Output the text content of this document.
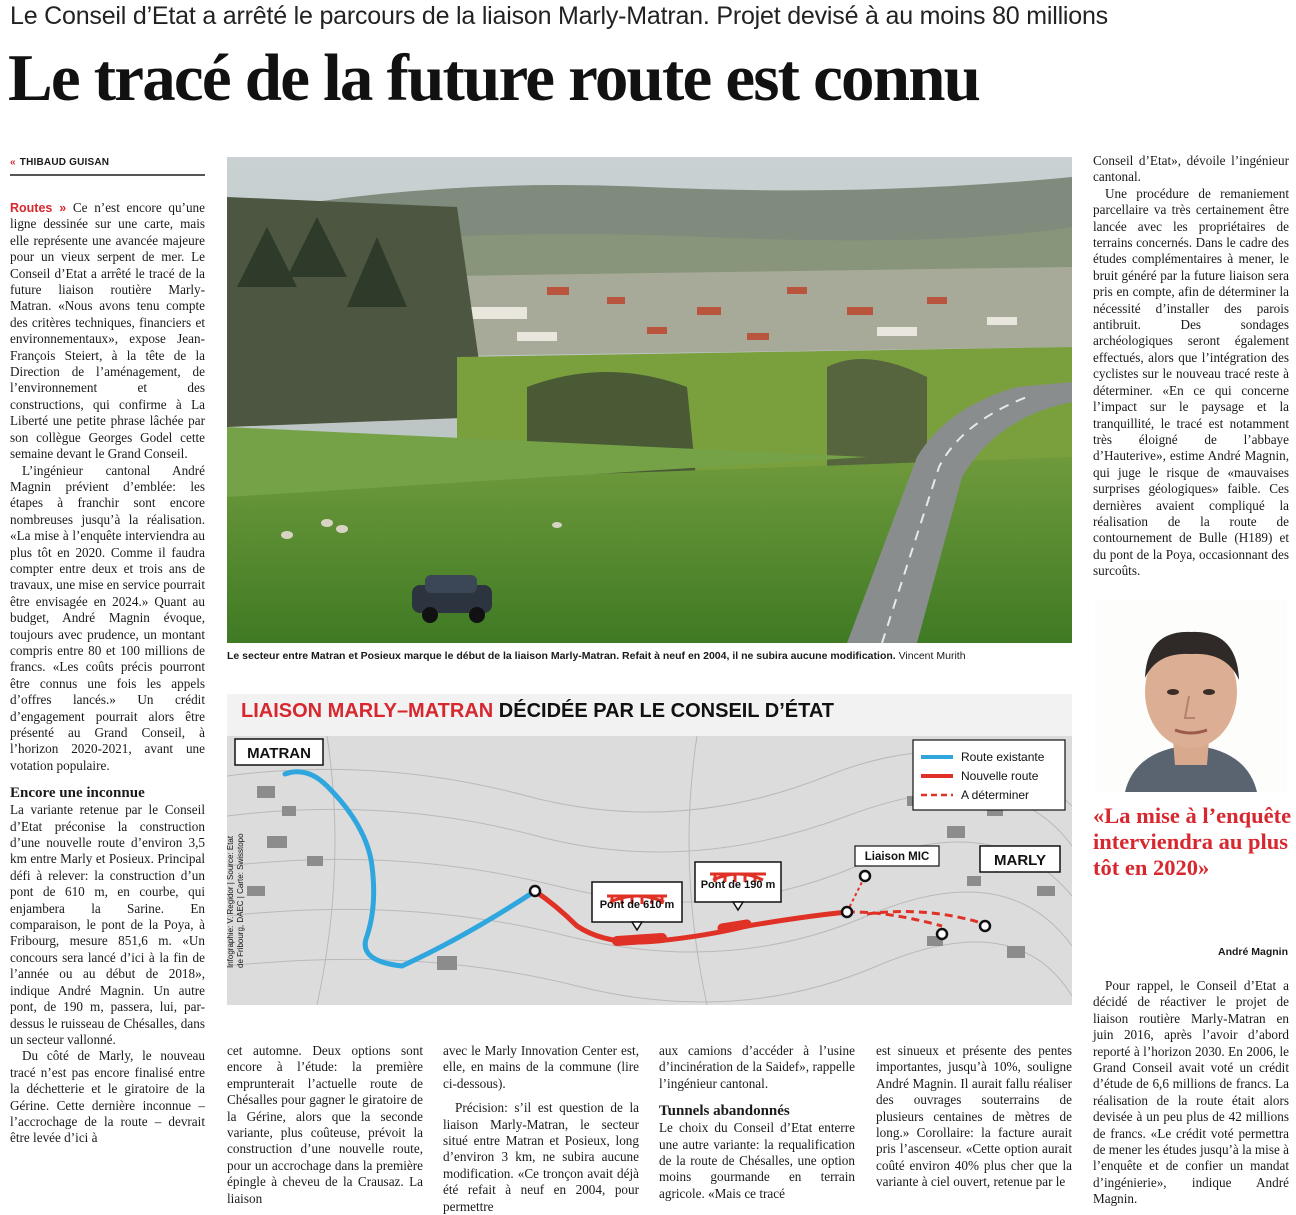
Le Conseil d’Etat a arrêté le parcours de la liaison Marly-Matran. Projet devisé à au moins 80 millions
Le tracé de la future route est connu
« THIBAUD GUISAN

Routes » Ce n’est encore qu’une ligne dessinée sur une carte, mais elle représente une avancée majeure pour un vieux serpent de mer. Le Conseil d’Etat a arrêté le tracé de la future liaison routière Marly-Matran. «Nous avons tenu compte des critères techniques, financiers et environnementaux», expose Jean-François Steiert, à la tête de la Direction de l’aménagement, de l’environnement et des constructions, qui confirme à La Liberté une petite phrase lâchée par son collègue Georges Godel cette semaine devant le Grand Conseil.

L’ingénieur cantonal André Magnin prévient d’emblée: les étapes à franchir sont encore nombreuses jusqu’à la réalisation. «La mise à l’enquête interviendra au plus tôt en 2020. Comme il faudra compter entre deux et trois ans de travaux, une mise en service pourrait être envisagée en 2024.» Quant au budget, André Magnin évoque, toujours avec prudence, un montant compris entre 80 et 100 millions de francs. «Les coûts précis pourront être connus une fois les appels d’offres lancés.» Un crédit d’engagement pourrait alors être présenté au Grand Conseil, à l’horizon 2020-2021, avant une votation populaire.

Encore une inconnue

La variante retenue par le Conseil d’Etat préconise la construction d’une nouvelle route d’environ 3,5 km entre Marly et Posieux. Principal défi à relever: la construction d’un pont de 610 m, en courbe, qui enjambera la Sarine. En comparaison, le pont de la Poya, à Fribourg, mesure 851,6 m. «Un concours sera lancé d’ici à la fin de l’année ou au début de 2018», indique André Magnin. Un autre pont, de 190 m, passera, lui, par-dessus le ruisseau de Chésalles, dans un secteur vallonné.

Du côté de Marly, le nouveau tracé n’est pas encore finalisé entre la déchetterie et le giratoire de la Gérine. Cette dernière inconnue – l’accrochage de la route – devrait être levée d’ici à

Le secteur entre Matran et Posieux marque le début de la liaison Marly-Matran. Refait à neuf en 2004, il ne subira aucune modification. Vincent Murith
LIAISON MARLY–MATRAN DÉCIDÉE PAR LE CONSEIL D’ÉTAT
MATRAN
MARLY
Liaison MIC
Pont de 610 m
Pont de 190 m
Route existante
Nouvelle route
A déterminer
Infographie: V. Regidor | Source: Etat de Fribourg, DAEC | Carte: Swisstopo

cet automne. Deux options sont encore à l’étude: la première emprunterait l’actuelle route de Chésalles pour gagner le giratoire de la Gérine, alors que la seconde variante, plus coûteuse, prévoit la construction d’une nouvelle route, pour un accrochage dans la première épingle à cheveu de la Crausaz. La liaison

avec le Marly Innovation Center est, elle, en mains de la commune (lire ci-dessous).

Précision: s’il est question de la liaison Marly-Matran, le secteur situé entre Matran et Posieux, long d’environ 3 km, ne subira aucune modification. «Ce tronçon avait déjà été refait à neuf en 2004, pour permettre

aux camions d’accéder à l’usine d’incinération de la Saidef», rappelle l’ingénieur cantonal.

Tunnels abandonnés

Le choix du Conseil d’Etat enterre une autre variante: la requalification de la route de Chésalles, une option moins gourmande en terrain agricole. «Mais ce tracé

est sinueux et présente des pentes importantes, jusqu’à 10%, souligne André Magnin. Il aurait fallu réaliser des ouvrages souterrains de plusieurs centaines de mètres de long.» Corollaire: la facture aurait pris l’ascenseur. «Cette option aurait coûté environ 40% plus cher que la variante à ciel ouvert, retenue par le

Conseil d’Etat», dévoile l’ingénieur cantonal.

Une procédure de remaniement parcellaire va très certainement être lancée avec les propriétaires de terrains concernés. Dans le cadre des études complémentaires à mener, le bruit généré par la future liaison sera pris en compte, afin de déterminer la nécessité d’installer des parois antibruit. Des sondages archéologiques seront également effectués, alors que l’intégration des cyclistes sur le nouveau tracé reste à déterminer. «En ce qui concerne l’impact sur le paysage et la tranquillité, le tracé est notamment très éloigné de l’abbaye d’Hauterive», estime André Magnin, qui juge le risque de «mauvaises surprises géologiques» faible. Ces dernières avaient compliqué la réalisation de la route de contournement de Bulle (H189) et du pont de la Poya, occasionnant des surcoûts.

«La mise à l’enquête interviendra au plus tôt en 2020»
André Magnin

Pour rappel, le Conseil d’Etat a décidé de réactiver le projet de liaison routière Marly-Matran en juin 2016, après l’avoir d’abord reporté à l’horizon 2030. En 2006, le Grand Conseil avait voté un crédit d’étude de 6,6 millions de francs. La réalisation de la route était alors devisée à un peu plus de 42 millions de francs. «Le crédit voté permettra de mener les études jusqu’à la mise à l’enquête et de confier un mandat d’ingénierie», indique André Magnin.
